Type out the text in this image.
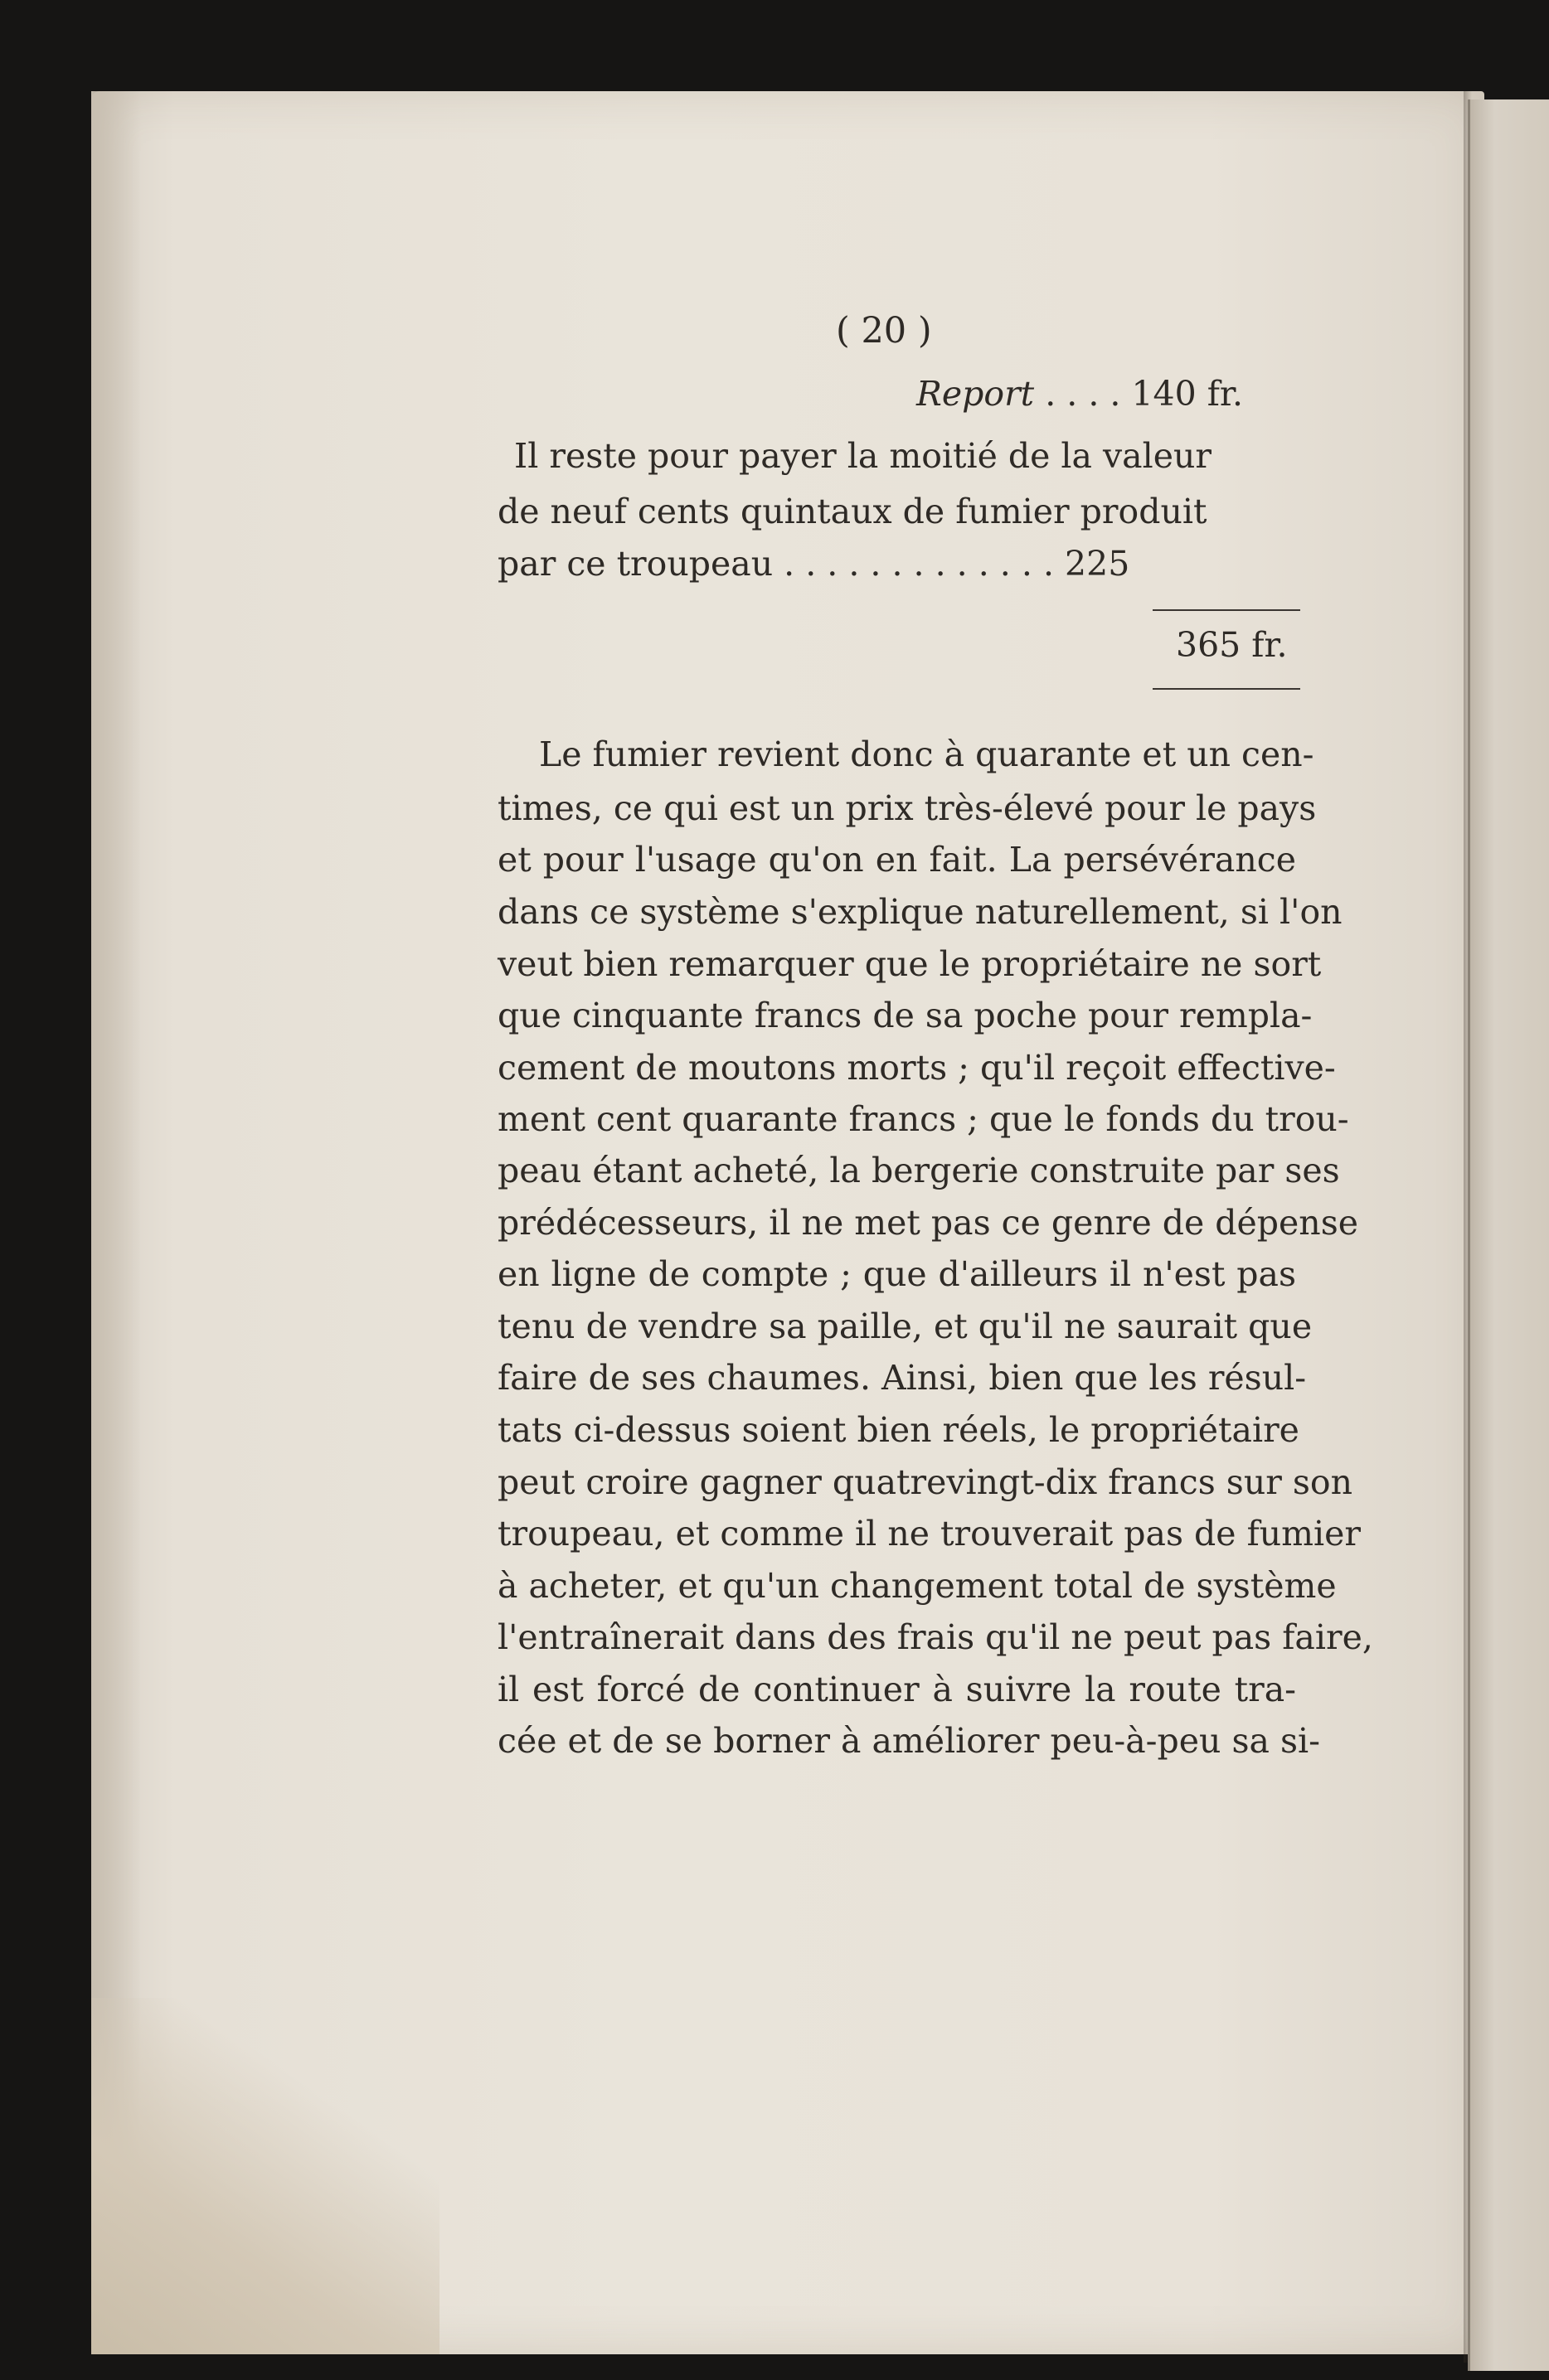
( 20 )
Report . . . . 140 fr.
Il reste pour payer la moitié de la valeur
de neuf cents quintaux de fumier produit
par ce troupeau . . . . . . . . . . . . . 225
365 fr.
Le fumier revient donc à quarante et un cen-
times, ce qui est un prix très-élevé pour le pays
et pour l'usage qu'on en fait. La persévérance
dans ce système s'explique naturellement, si l'on
veut bien remarquer que le propriétaire ne sort
que cinquante francs de sa poche pour rempla-
cement de moutons morts ; qu'il reçoit effective-
ment cent quarante francs ; que le fonds du trou-
peau étant acheté, la bergerie construite par ses
prédécesseurs, il ne met pas ce genre de dépense
en ligne de compte ; que d'ailleurs il n'est pas
tenu de vendre sa paille, et qu'il ne saurait que
faire de ses chaumes. Ainsi, bien que les résul-
tats ci-dessus soient bien réels, le propriétaire
peut croire gagner quatrevingt-dix francs sur son
troupeau, et comme il ne trouverait pas de fumier
à acheter, et qu'un changement total de système
l'entraînerait dans des frais qu'il ne peut pas faire,
il est forcé de continuer à suivre la route tra-
cée et de se borner à améliorer peu-à-peu sa si-
